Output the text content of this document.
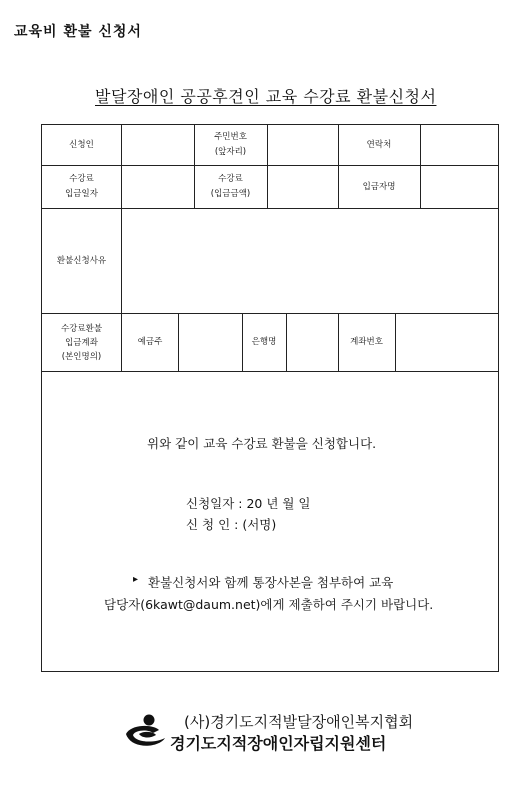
교육비 환불 신청서
발달장애인 공공후견인 교육 수강료 환불신청서
신청인
주민번호
(앞자리)
연락처
수강료
입금일자
수강료
(입금금액)
입금자명
환불신청사유
수강료환불
입금계좌
(본인명의)
예금주	은행명	계좌번호
위와 같이 교육 수강료 환불을 신청합니다.
신청일자 : 20 년 월 일
신 청 인 : (서명)
▸ 환불신청서와 함께 통장사본을 첨부하여 교육
담당자(6kawt@daum.net)에게 제출하여 주시기 바랍니다.
(사)경기도지적발달장애인복지협회
경기도지적장애인자립지원센터
